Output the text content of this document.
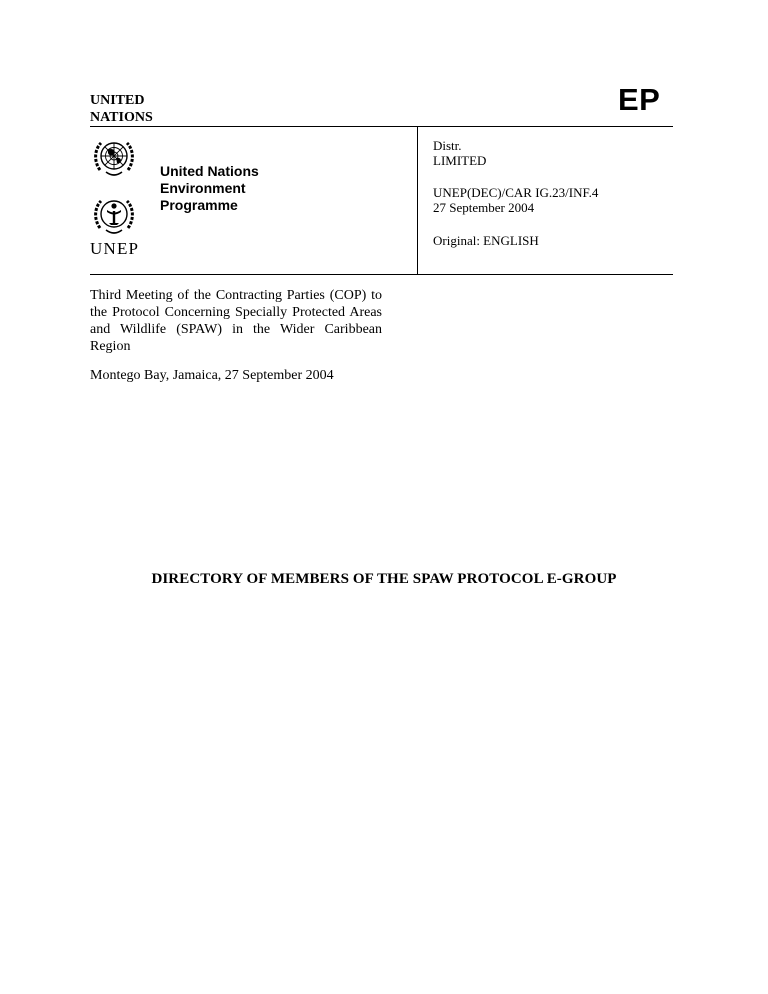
UNITED
NATIONS
EP
UNEP
United Nations
Environment
Programme
Distr.
LIMITED
UNEP(DEC)/CAR IG.23/INF.4
27 September 2004
Original: ENGLISH
Third Meeting of the Contracting Parties (COP) to the Protocol Concerning Specially Protected Areas and Wildlife (SPAW) in the Wider Caribbean Region
Montego Bay, Jamaica, 27 September 2004
DIRECTORY OF MEMBERS OF THE SPAW PROTOCOL E-GROUP
